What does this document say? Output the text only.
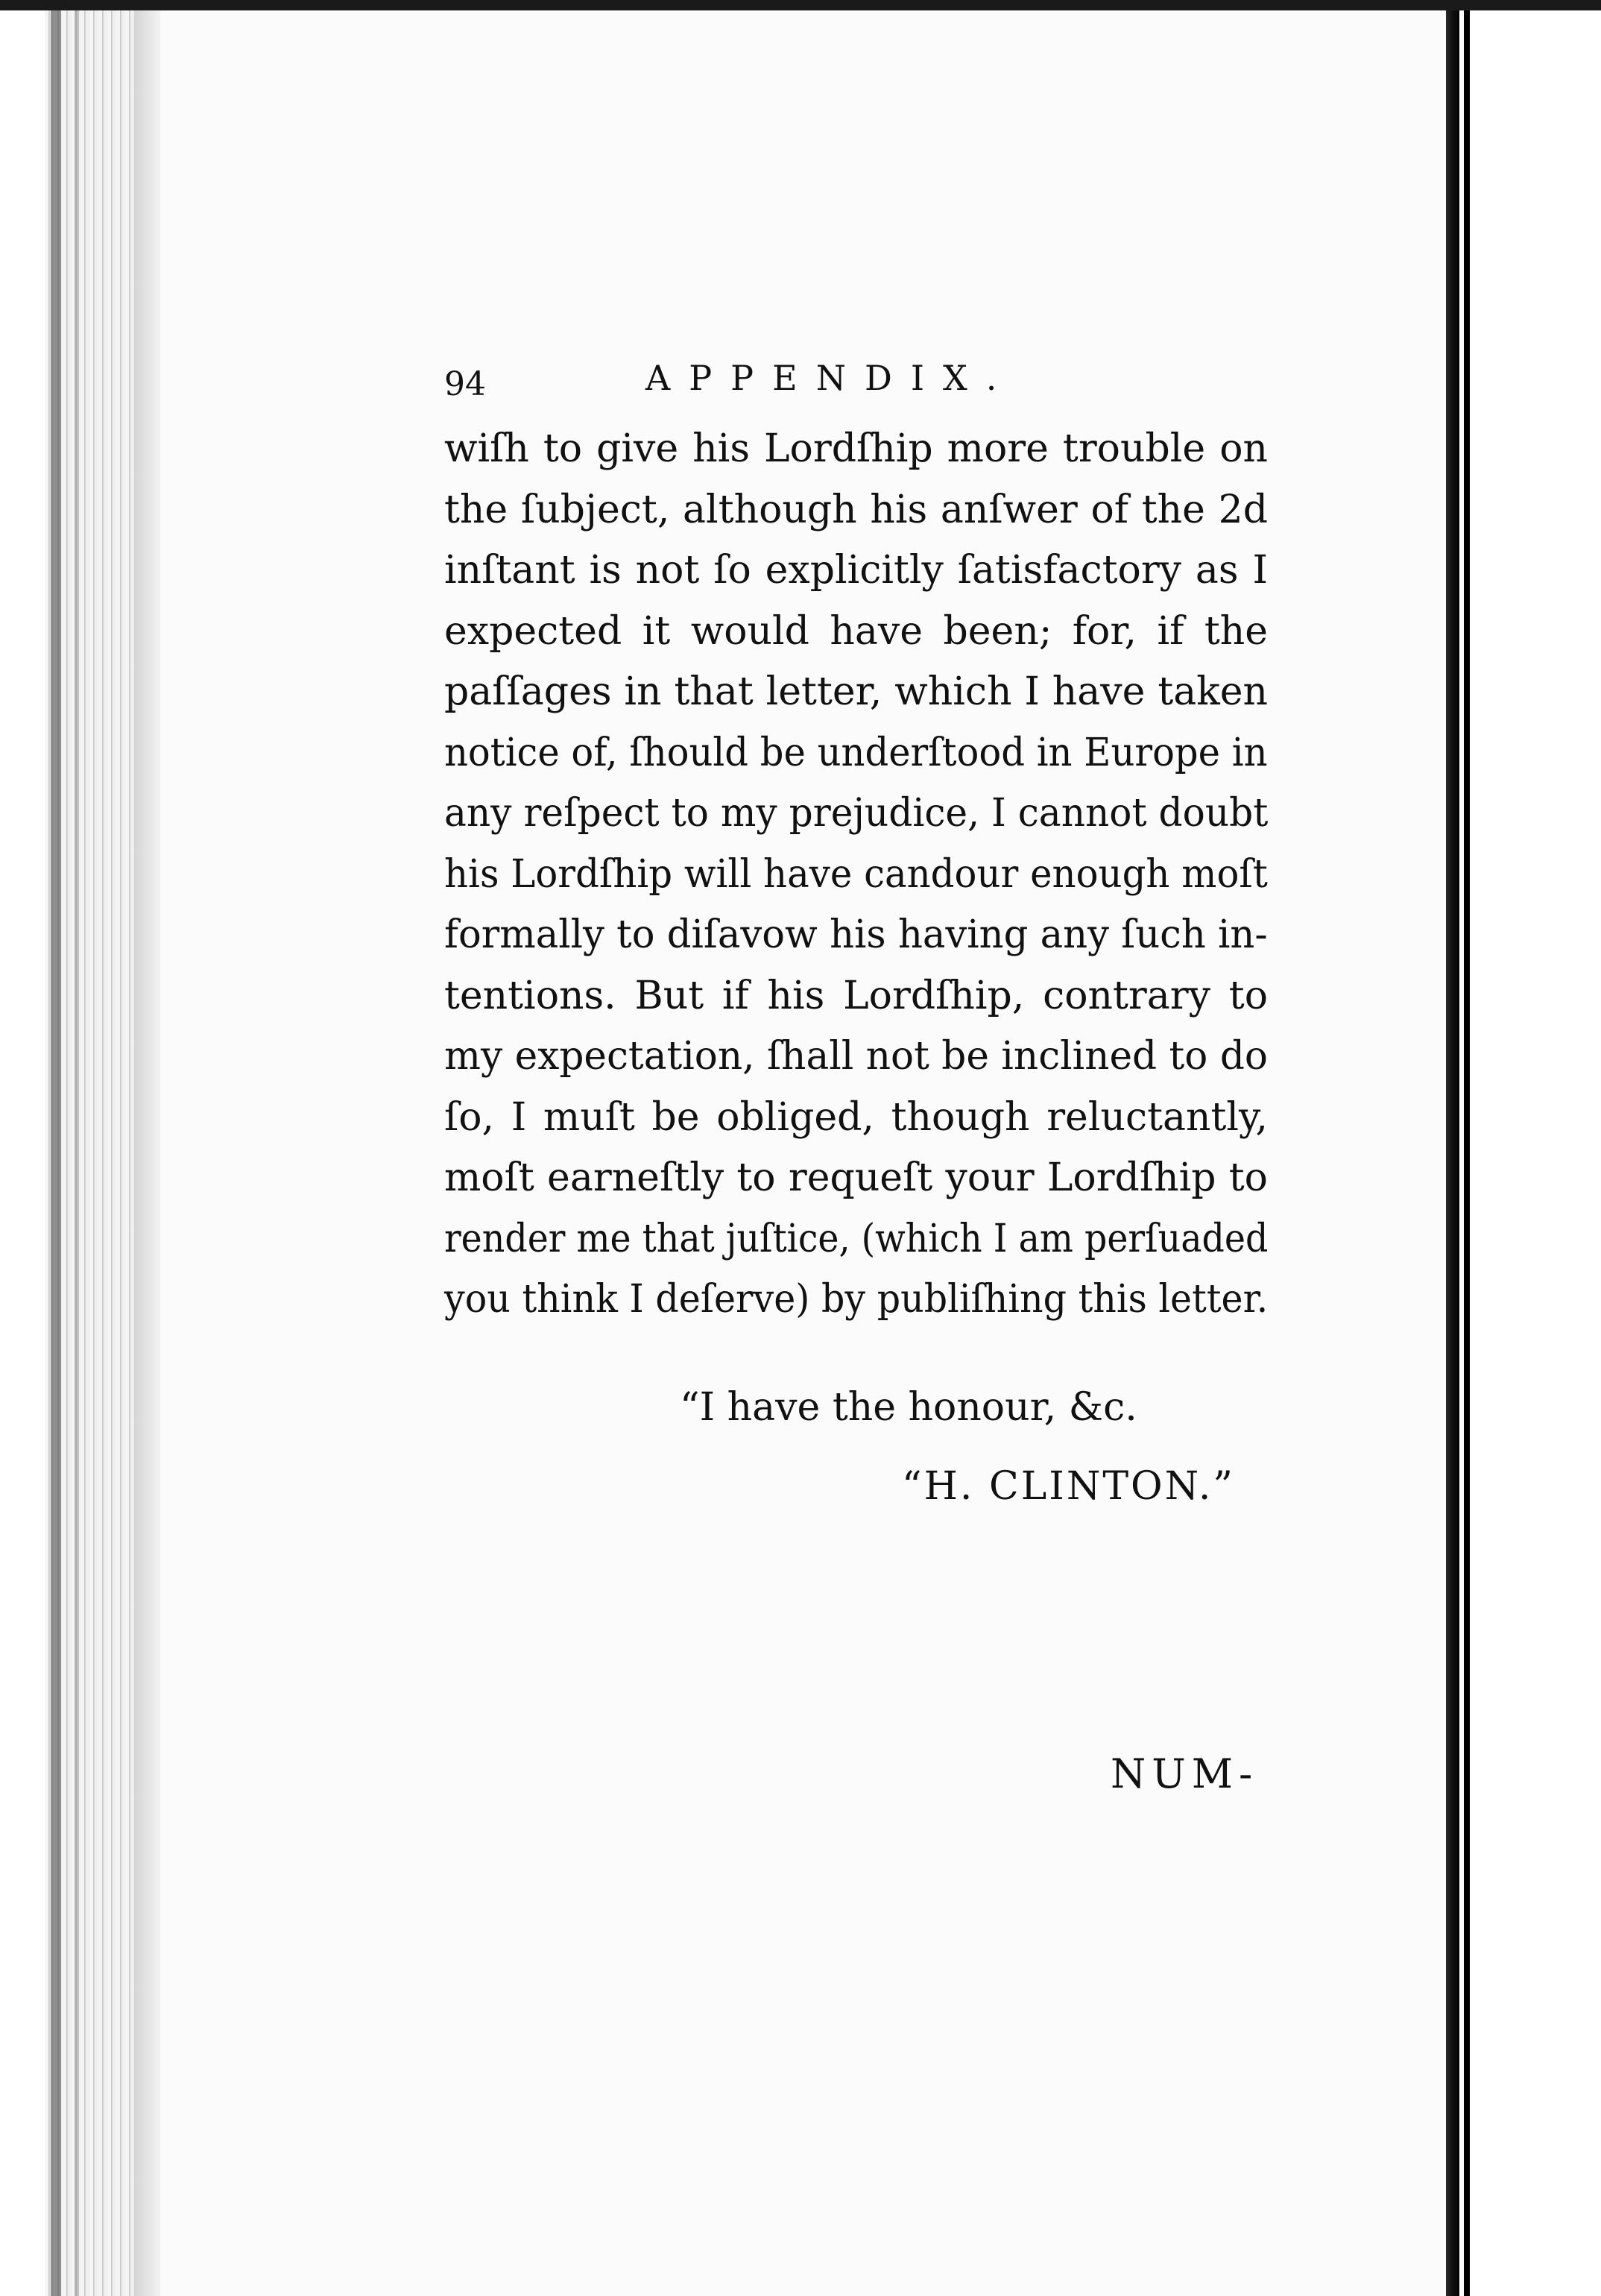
94	APPENDIX.
wiſh to give his Lordſhip more trouble on
the ſubject, although his anſwer of the 2d
inſtant is not ſo explicitly ſatisfactory as I
expected it would have been; for, if the
paſſages in that letter, which I have taken
notice of, ſhould be underſtood in Europe in
any reſpect to my prejudice, I cannot doubt
his Lordſhip will have candour enough moſt
formally to diſavow his having any ſuch in-
tentions. But if his Lordſhip, contrary to
my expectation, ſhall not be inclined to do
ſo, I muſt be obliged, though reluctantly,
moſt earneſtly to requeſt your Lordſhip to
render me that juſtice, (which I am perſuaded
you think I deſerve) by publiſhing this letter.
“I have the honour, &c.
“H. CLINTON.”
NUM-
